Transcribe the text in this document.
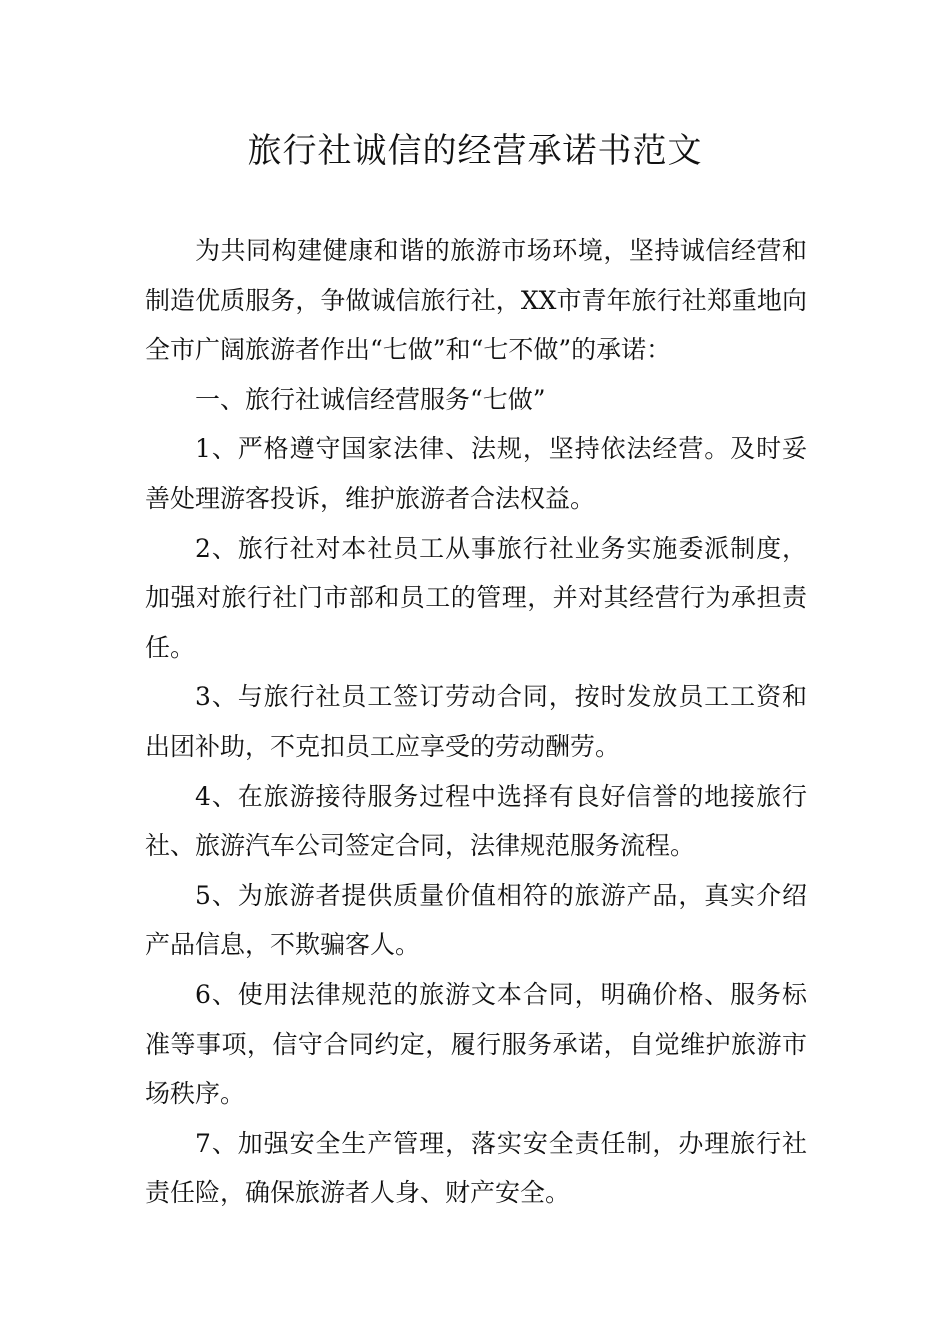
旅行社诚信的经营承诺书范文

为共同构建健康和谐的旅游市场环境，坚持诚信经营和制造优质服务，争做诚信旅行社，XX市青年旅行社郑重地向全市广阔旅游者作出“七做”和“七不做”的承诺：

一、旅行社诚信经营服务“七做”

1、严格遵守国家法律、法规，坚持依法经营。及时妥善处理游客投诉，维护旅游者合法权益。

2、旅行社对本社员工从事旅行社业务实施委派制度，加强对旅行社门市部和员工的管理，并对其经营行为承担责任。

3、与旅行社员工签订劳动合同，按时发放员工工资和出团补助，不克扣员工应享受的劳动酬劳。

4、在旅游接待服务过程中选择有良好信誉的地接旅行社、旅游汽车公司签定合同，法律规范服务流程。

5、为旅游者提供质量价值相符的旅游产品，真实介绍产品信息，不欺骗客人。

6、使用法律规范的旅游文本合同，明确价格、服务标准等事项，信守合同约定，履行服务承诺，自觉维护旅游市场秩序。

7、加强安全生产管理，落实安全责任制，办理旅行社责任险，确保旅游者人身、财产安全。
